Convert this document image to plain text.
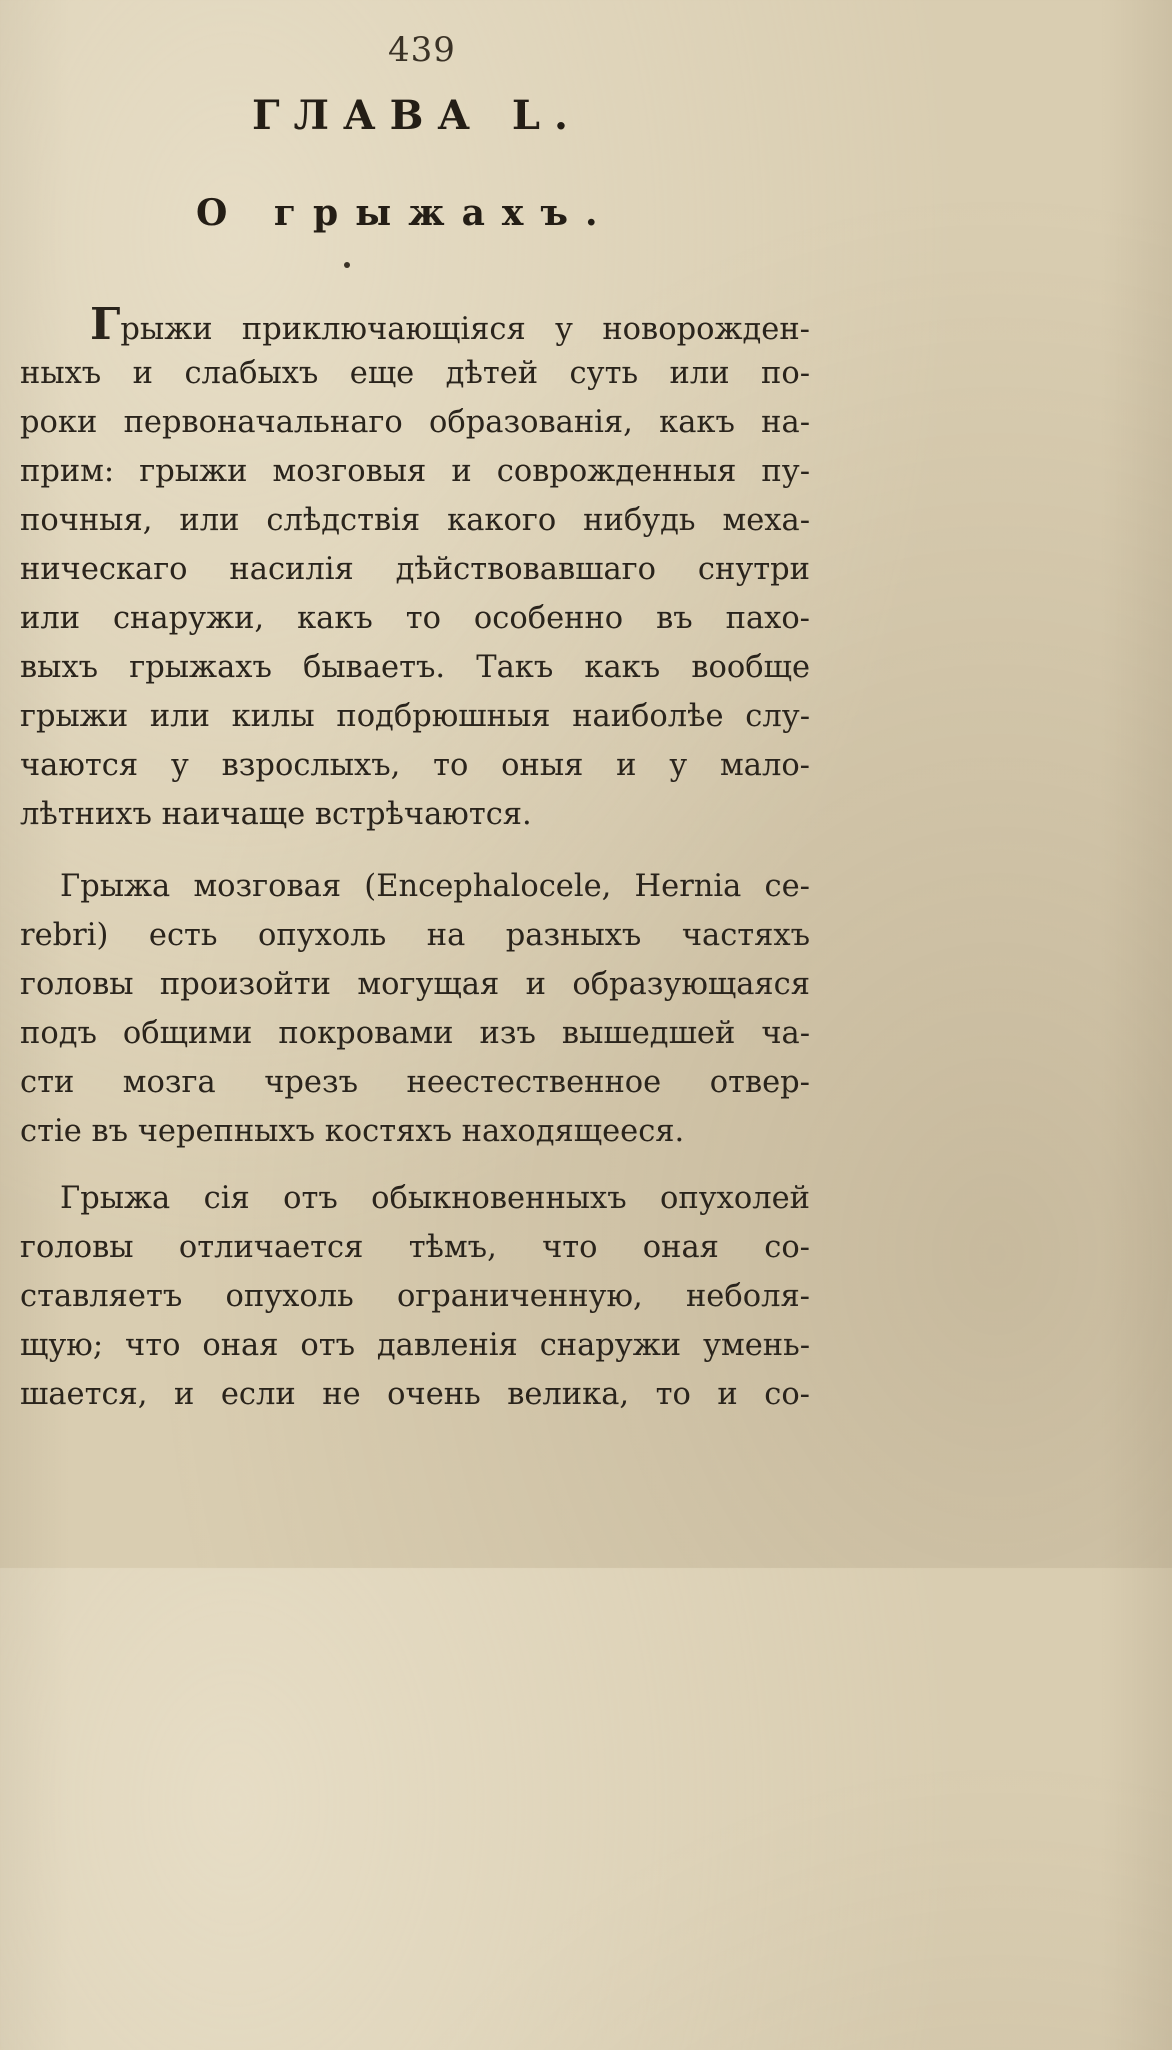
439
ГЛАВА L.
О грыжахъ.
Грыжи приключающіяся у новорожден-
ныхъ и слабыхъ еще дѣтей суть или по-
роки первоначальнаго образованія, какъ на-
прим: грыжи мозговыя и соврожденныя пу-
почныя, или слѣдствія какого нибудь меха-
ническаго насилія дѣйствовавшаго снутри
или снаружи, какъ то особенно въ пахо-
выхъ грыжахъ бываетъ. Такъ какъ вообще
грыжи или килы подбрюшныя наиболѣе слу-
чаются у взрослыхъ, то оныя и у мало-
лѣтнихъ наичаще встрѣчаются.
Грыжа мозговая (Encephalocele, Hernia ce-
rebri) есть опухоль на разныхъ частяхъ
головы произойти могущая и образующаяся
подъ общими покровами изъ вышедшей ча-
сти мозга чрезъ неестественное отвер-
стіе въ черепныхъ костяхъ находящееся.
Грыжа сія отъ обыкновенныхъ опухолей
головы отличается тѣмъ, что оная со-
ставляетъ опухоль ограниченную, неболя-
щую; что оная отъ давленія снаружи умень-
шается, и если не очень велика, то и со-
